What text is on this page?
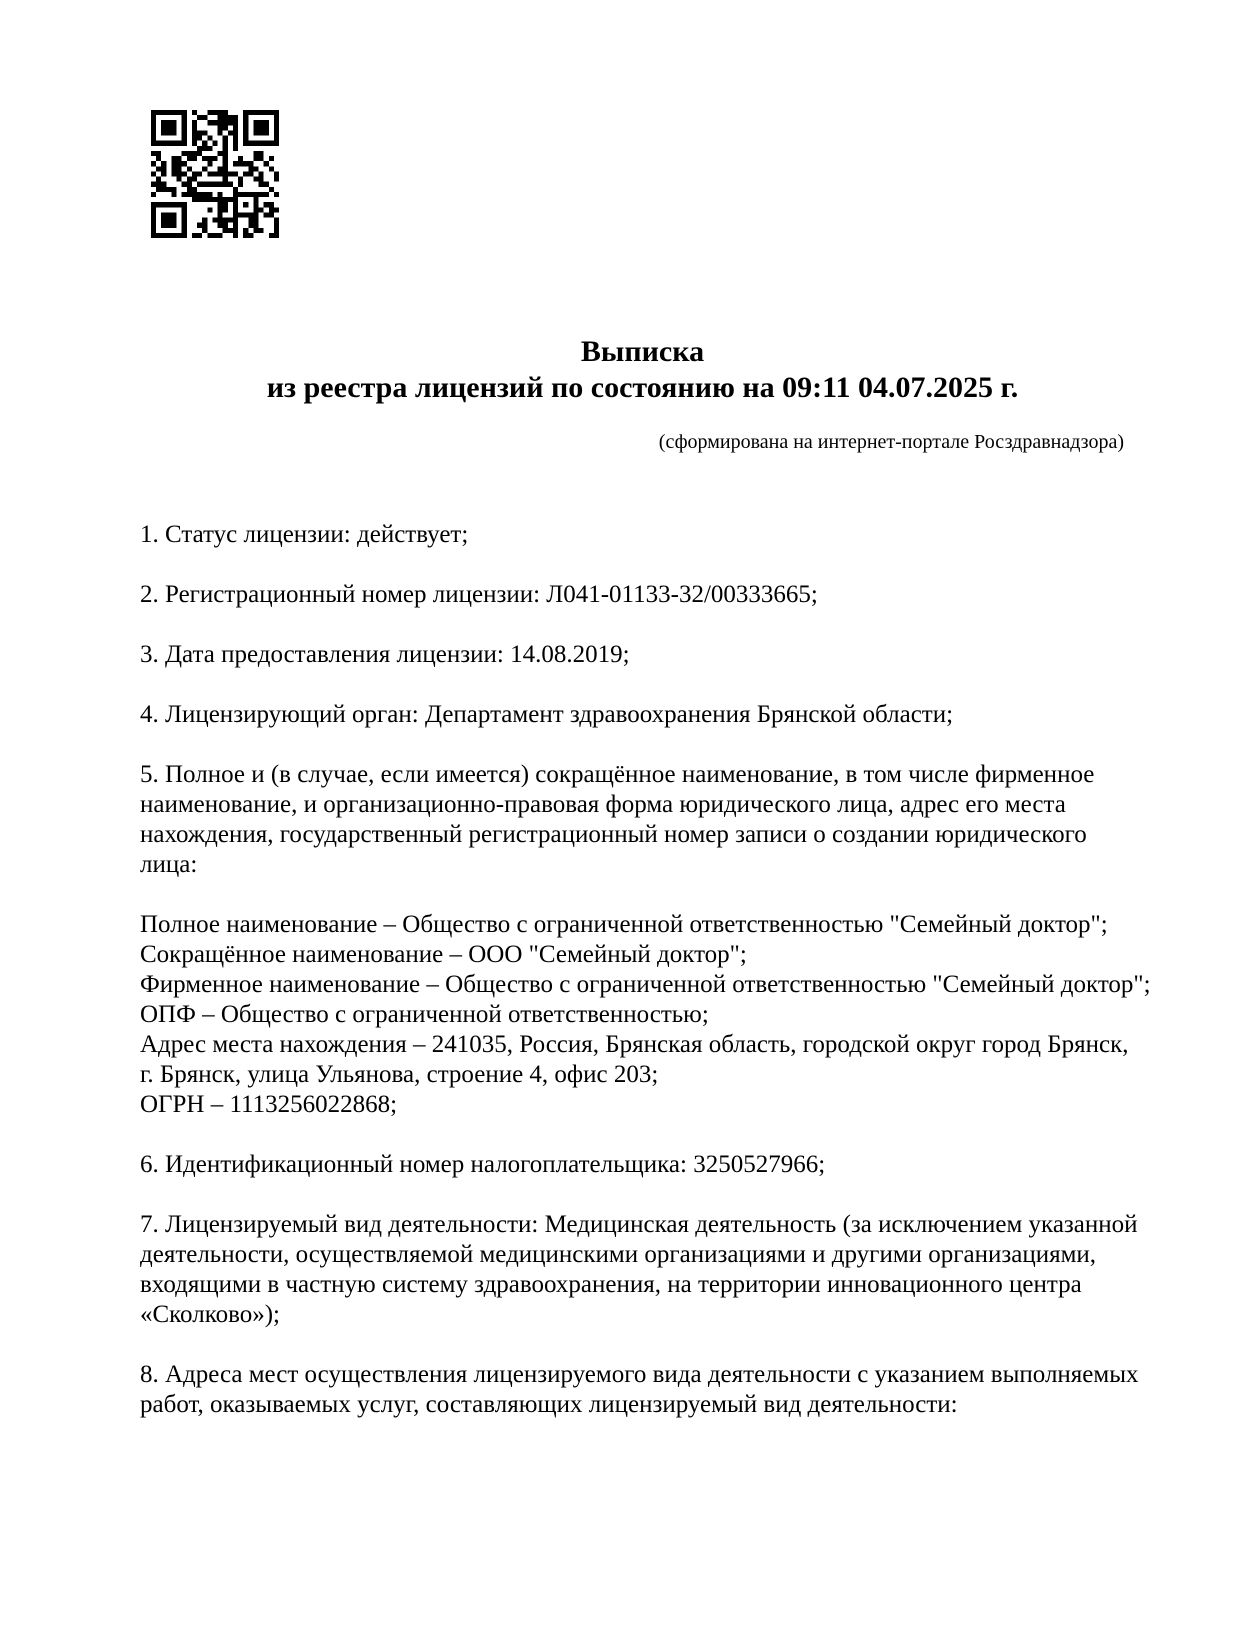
Выписка
из реестра лицензий по состоянию на 09:11 04.07.2025 г.
(сформирована на интернет-портале Росздравнадзора)

1. Статус лицензии: действует;

2. Регистрационный номер лицензии: Л041-01133-32/00333665;

3. Дата предоставления лицензии: 14.08.2019;

4. Лицензирующий орган: Департамент здравоохранения Брянской области;

5. Полное и (в случае, если имеется) сокращённое наименование, в том числе фирменное наименование, и организационно-правовая форма юридического лица, адрес его места нахождения, государственный регистрационный номер записи о создании юридического лица:

Полное наименование – Общество с ограниченной ответственностью "Семейный доктор";
Сокращённое наименование – ООО "Семейный доктор";
Фирменное наименование – Общество с ограниченной ответственностью "Семейный доктор";
ОПФ – Общество с ограниченной ответственностью;
Адрес места нахождения – 241035, Россия, Брянская область, городской округ город Брянск, г. Брянск, улица Ульянова, строение 4, офис 203;
ОГРН – 1113256022868;

6. Идентификационный номер налогоплательщика: 3250527966;

7. Лицензируемый вид деятельности: Медицинская деятельность (за исключением указанной деятельности, осуществляемой медицинскими организациями и другими организациями, входящими в частную систему здравоохранения, на территории инновационного центра «Сколково»);

8. Адреса мест осуществления лицензируемого вида деятельности с указанием выполняемых работ, оказываемых услуг, составляющих лицензируемый вид деятельности:
